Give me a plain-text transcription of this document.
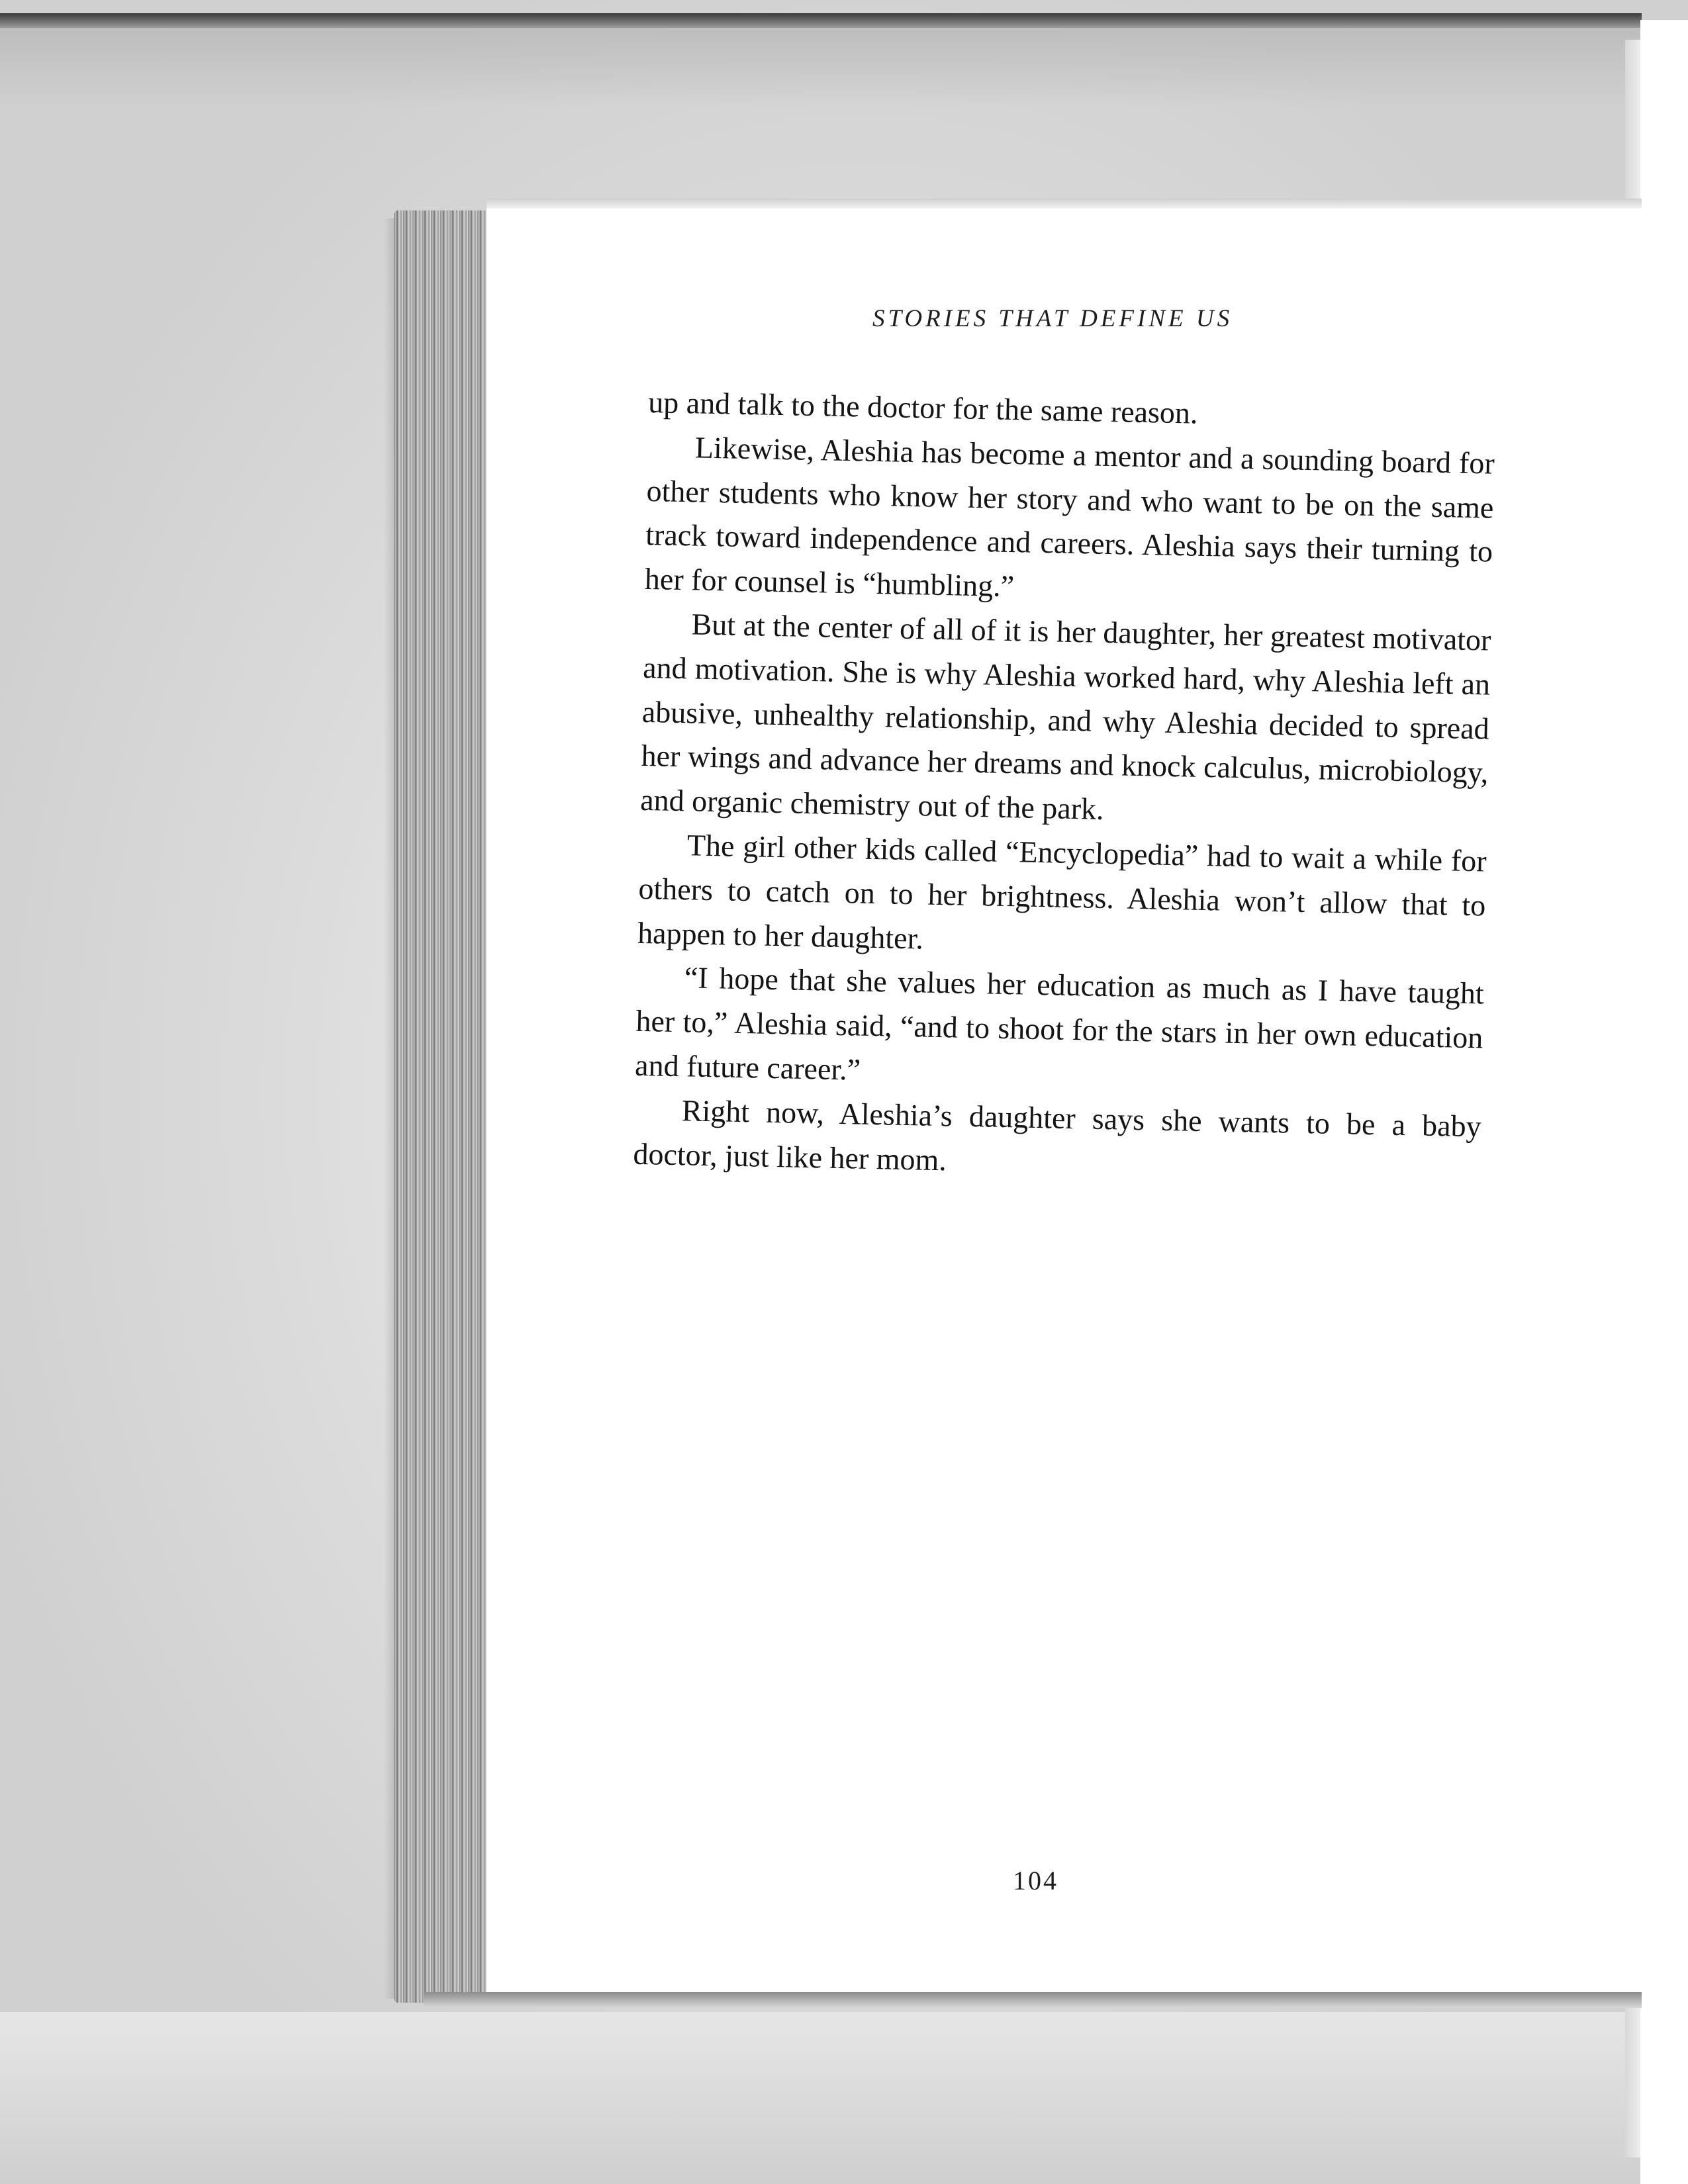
STORIES THAT DEFINE US

up and talk to the doctor for the same reason.

Likewise, Aleshia has become a mentor and a sounding board for other students who know her story and who want to be on the same track toward independence and careers. Aleshia says their turning to her for counsel is “humbling.”

But at the center of all of it is her daughter, her greatest motivator and motivation. She is why Aleshia worked hard, why Aleshia left an abusive, unhealthy relationship, and why Aleshia decided to spread her wings and advance her dreams and knock calculus, microbiology, and organic chemistry out of the park.

The girl other kids called “Encyclopedia” had to wait a while for others to catch on to her brightness. Aleshia won’t allow that to happen to her daughter.

“I hope that she values her education as much as I have taught her to,” Aleshia said, “and to shoot for the stars in her own education and future career.”

Right now, Aleshia’s daughter says she wants to be a baby doctor, just like her mom.

104
